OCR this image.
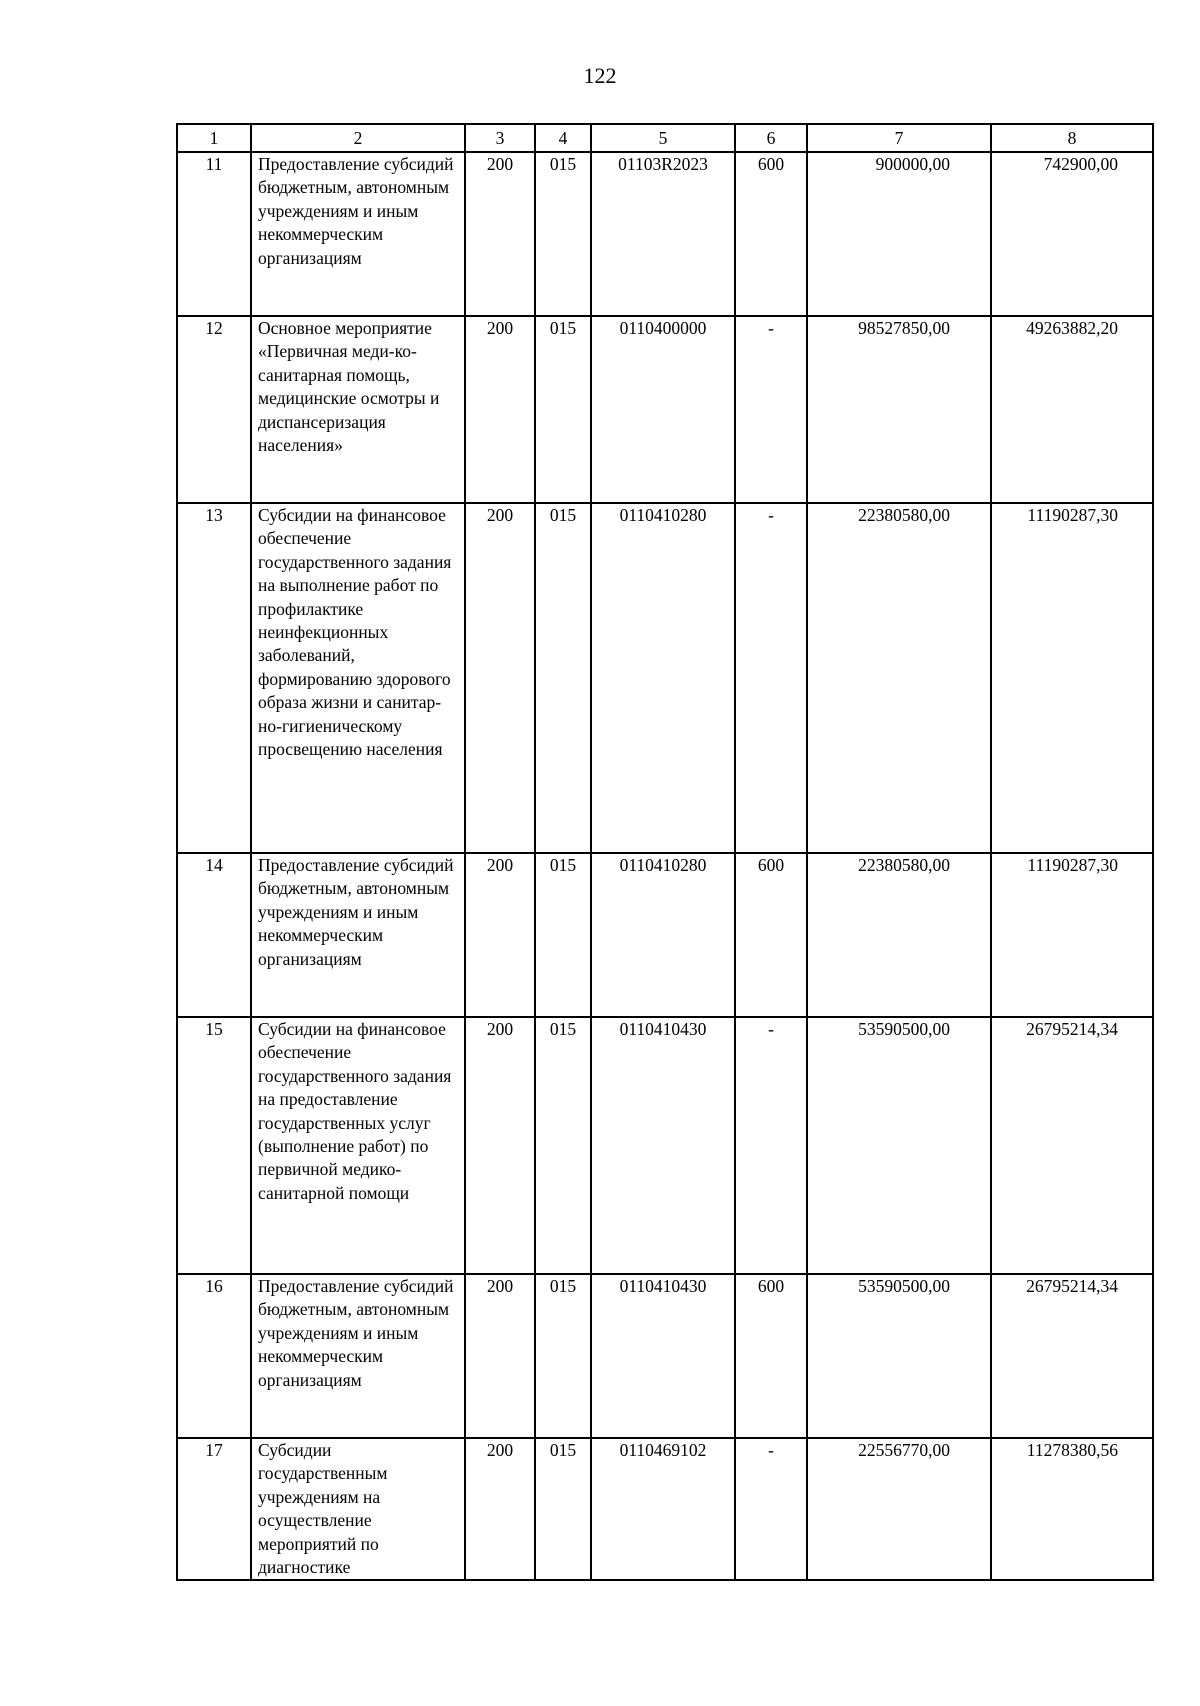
122
1	2	3	4	5	6	7	8
11	Предоставление субсидий бюджетным, автономным учреждениям и иным некоммерческим организациям	200	015	01103R2023	600	900000,00	742900,00
12	Основное мероприятие «Первичная меди-ко-санитарная помощь, медицинские осмотры и диспансеризация населения»	200	015	0110400000	-	98527850,00	49263882,20
13	Субсидии на финансовое обеспечение государственного задания на выполнение работ по профилактике неинфекционных заболеваний, формированию здорового образа жизни и санитар-но-гигиеническому просвещению населения	200	015	0110410280	-	22380580,00	11190287,30
14	Предоставление субсидий бюджетным, автономным учреждениям и иным некоммерческим организациям	200	015	0110410280	600	22380580,00	11190287,30
15	Субсидии на финансовое обеспечение государственного задания на предоставление государственных услуг (выполнение работ) по первичной медико-санитарной помощи	200	015	0110410430	-	53590500,00	26795214,34
16	Предоставление субсидий бюджетным, автономным учреждениям и иным некоммерческим организациям	200	015	0110410430	600	53590500,00	26795214,34
17	Субсидии государственным учреждениям на осуществление мероприятий по диагностике	200	015	0110469102	-	22556770,00	11278380,56
